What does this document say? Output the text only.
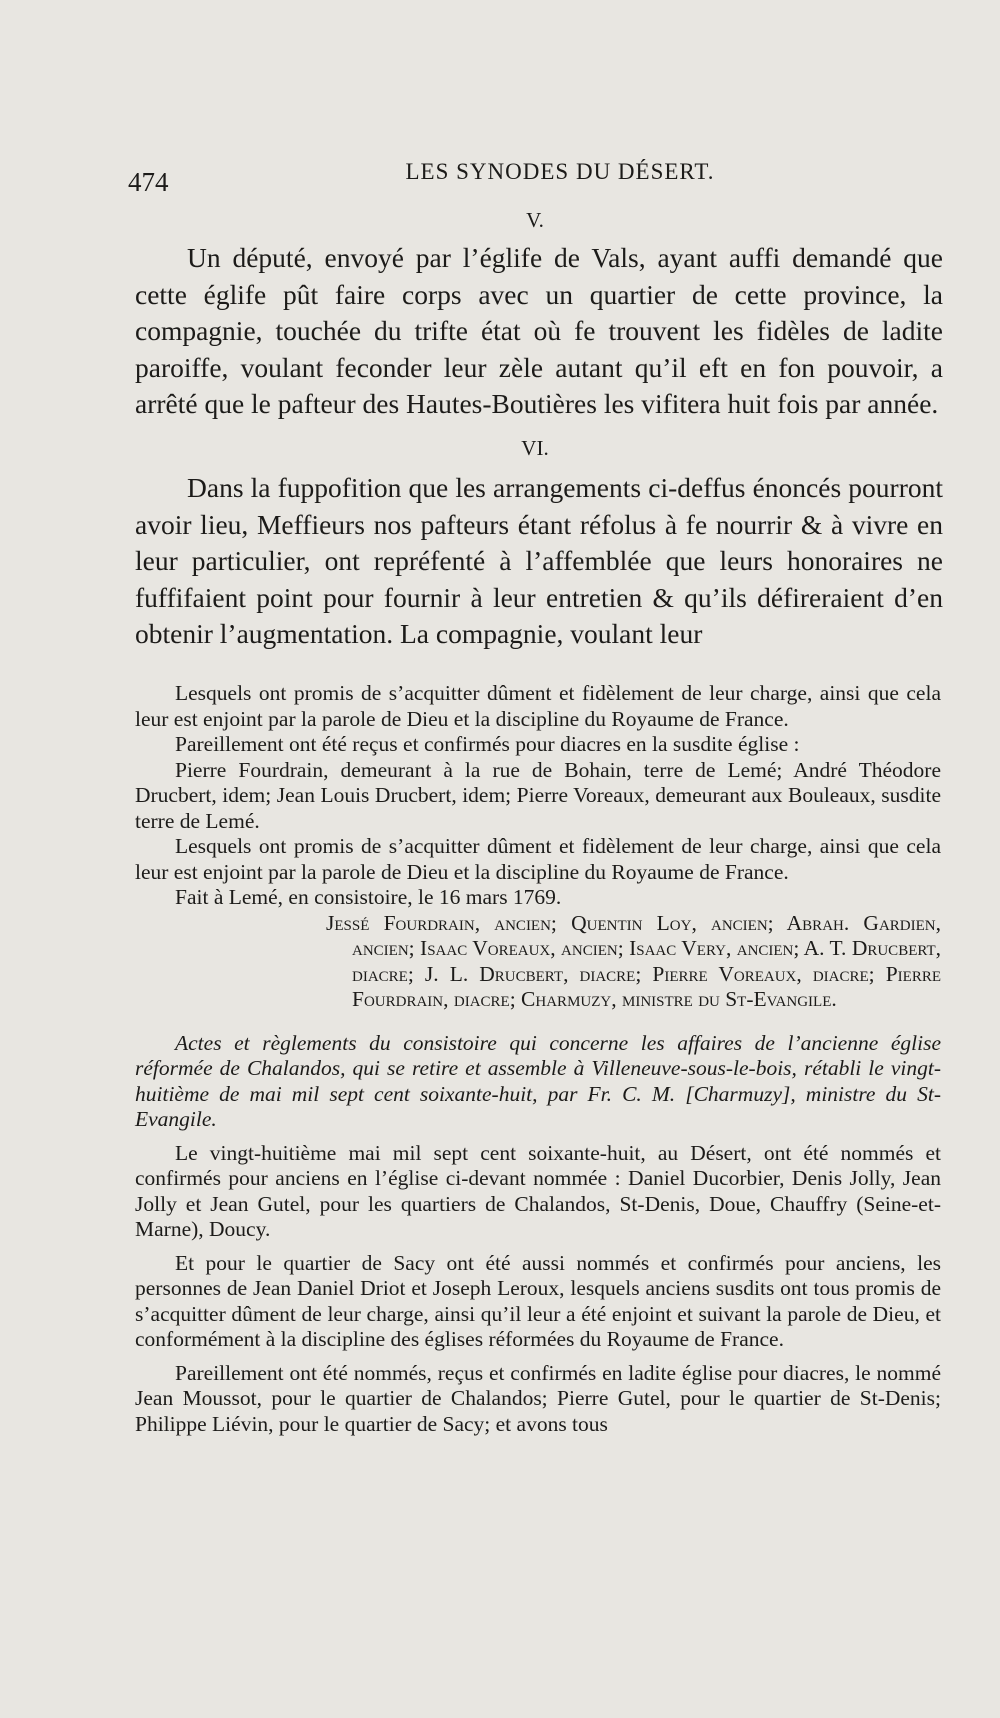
474	LES SYNODES DU DÉSERT.
V.

Un député, envoyé par l’églife de Vals, ayant auffi demandé que cette églife pût faire corps avec un quartier de cette province, la compagnie, touchée du trifte état où fe trouvent les fidèles de ladite paroiffe, voulant feconder leur zèle autant qu’il eft en fon pouvoir, a arrêté que le pafteur des Hautes-Boutières les vifitera huit fois par année.

VI.

Dans la fuppofition que les arrangements ci-deffus énoncés pourront avoir lieu, Meffieurs nos pafteurs étant réfolus à fe nourrir & à vivre en leur particulier, ont repréfenté à l’affemblée que leurs honoraires ne fuffifaient point pour fournir à leur entretien & qu’ils défireraient d’en obtenir l’augmentation. La compagnie, voulant leur

Lesquels ont promis de s’acquitter dûment et fidèlement de leur charge, ainsi que cela leur est enjoint par la parole de Dieu et la discipline du Royaume de France.

Pareillement ont été reçus et confirmés pour diacres en la susdite église :

Pierre Fourdrain, demeurant à la rue de Bohain, terre de Lemé; André Théodore Drucbert, idem; Jean Louis Drucbert, idem; Pierre Voreaux, demeurant aux Bouleaux, susdite terre de Lemé.

Lesquels ont promis de s’acquitter dûment et fidèlement de leur charge, ainsi que cela leur est enjoint par la parole de Dieu et la discipline du Royaume de France.

Fait à Lemé, en consistoire, le 16 mars 1769.

Jessé Fourdrain, ancien; Quentin Loy, ancien; Abrah. Gardien, ancien; Isaac Voreaux, ancien; Isaac Very, ancien; A. T. Drucbert, diacre; J. L. Drucbert, diacre; Pierre Voreaux, diacre; Pierre Fourdrain, diacre; Charmuzy, ministre du St-Evangile.

Actes et règlements du consistoire qui concerne les affaires de l’ancienne église réformée de Chalandos, qui se retire et assemble à Villeneuve-sous-le-bois, rétabli le vingt-huitième de mai mil sept cent soixante-huit, par Fr. C. M. [Charmuzy], ministre du St-Evangile.

Le vingt-huitième mai mil sept cent soixante-huit, au Désert, ont été nommés et confirmés pour anciens en l’église ci-devant nommée : Daniel Ducorbier, Denis Jolly, Jean Jolly et Jean Gutel, pour les quartiers de Chalandos, St-Denis, Doue, Chauffry (Seine-et-Marne), Doucy.

Et pour le quartier de Sacy ont été aussi nommés et confirmés pour anciens, les personnes de Jean Daniel Driot et Joseph Leroux, lesquels anciens susdits ont tous promis de s’acquitter dûment de leur charge, ainsi qu’il leur a été enjoint et suivant la parole de Dieu, et conformément à la discipline des églises réformées du Royaume de France.

Pareillement ont été nommés, reçus et confirmés en ladite église pour diacres, le nommé Jean Moussot, pour le quartier de Chalandos; Pierre Gutel, pour le quartier de St-Denis; Philippe Liévin, pour le quartier de Sacy; et avons tous
